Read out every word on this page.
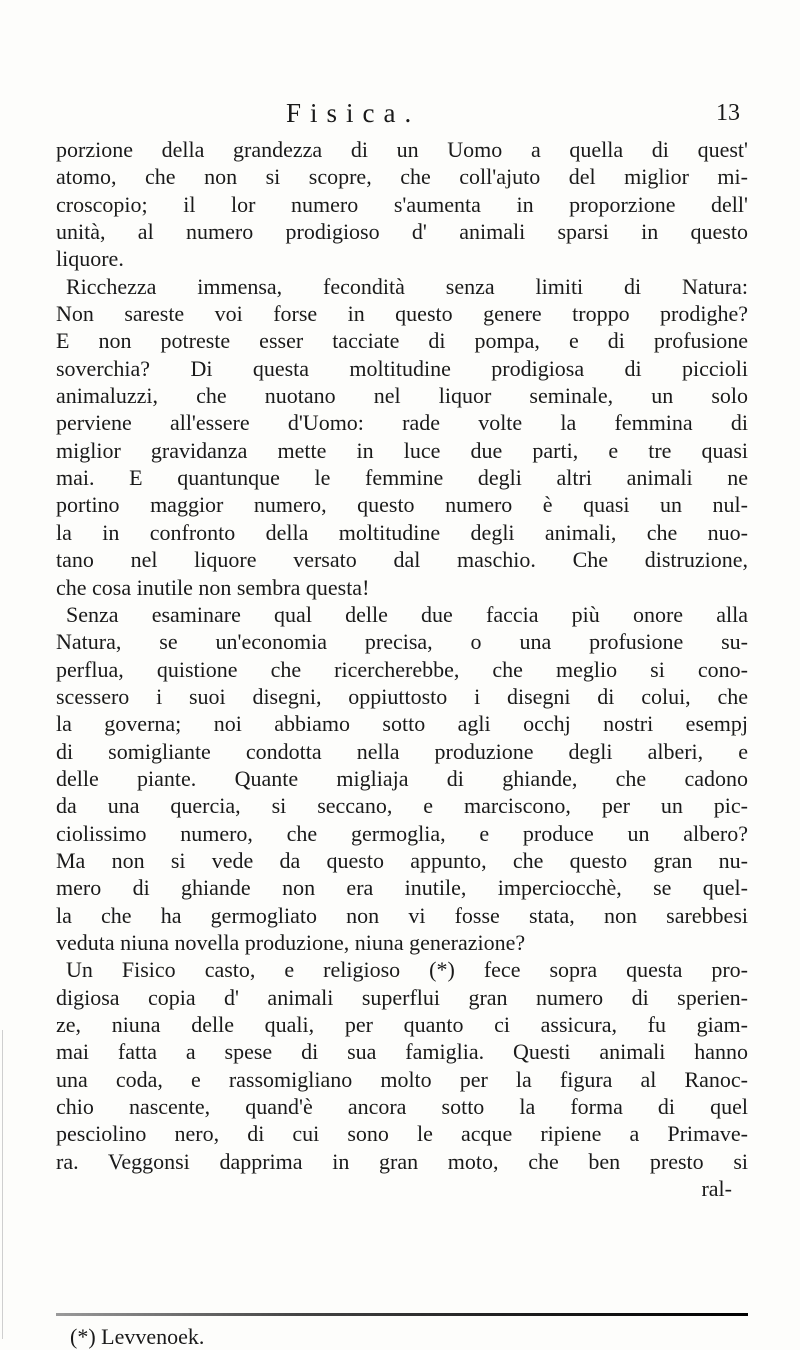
Fisica.	13
porzione della grandezza di un Uomo a quella di quest'
atomo, che non si scopre, che coll'ajuto del miglior mi-
croscopio; il lor numero s'aumenta in proporzione dell'
unità, al numero prodigioso d' animali sparsi in questo
liquore.
Ricchezza immensa, fecondità senza limiti di Natura:
Non sareste voi forse in questo genere troppo prodighe?
E non potreste esser tacciate di pompa, e di profusione
soverchia? Di questa moltitudine prodigiosa di piccioli
animaluzzi, che nuotano nel liquor seminale, un solo
perviene all'essere d'Uomo: rade volte la femmina di
miglior gravidanza mette in luce due parti, e tre quasi
mai. E quantunque le femmine degli altri animali ne
portino maggior numero, questo numero è quasi un nul-
la in confronto della moltitudine degli animali, che nuo-
tano nel liquore versato dal maschio. Che distruzione,
che cosa inutile non sembra questa!
Senza esaminare qual delle due faccia più onore alla
Natura, se un'economia precisa, o una profusione su-
perflua, quistione che ricercherebbe, che meglio si cono-
scessero i suoi disegni, oppiuttosto i disegni di colui, che
la governa; noi abbiamo sotto agli occhj nostri esempj
di somigliante condotta nella produzione degli alberi, e
delle piante. Quante migliaja di ghiande, che cadono
da una quercia, si seccano, e marciscono, per un pic-
ciolissimo numero, che germoglia, e produce un albero?
Ma non si vede da questo appunto, che questo gran nu-
mero di ghiande non era inutile, imperciocchè, se quel-
la che ha germogliato non vi fosse stata, non sarebbesi
veduta niuna novella produzione, niuna generazione?
Un Fisico casto, e religioso (*) fece sopra questa pro-
digiosa copia d' animali superflui gran numero di sperien-
ze, niuna delle quali, per quanto ci assicura, fu giam-
mai fatta a spese di sua famiglia. Questi animali hanno
una coda, e rassomigliano molto per la figura al Ranoc-
chio nascente, quand'è ancora sotto la forma di quel
pesciolino nero, di cui sono le acque ripiene a Primave-
ra. Veggonsi dapprima in gran moto, che ben presto si
ral-
(*) Levvenoek.
